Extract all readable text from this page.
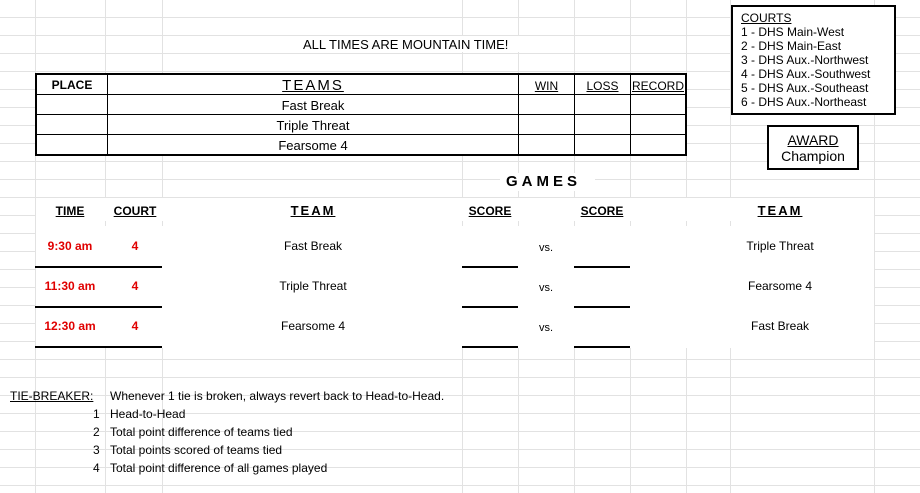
COURTS
1 - DHS Main-West
2 - DHS Main-East
3 - DHS Aux.-Northwest
4 - DHS Aux.-Southwest
5 - DHS Aux.-Southeast
6 - DHS Aux.-Northeast
ALL TIMES ARE MOUNTAIN TIME!
AWARD
Champion
PLACE	TEAMS	WIN	LOSS	RECORD
Fast Break
Triple Threat
Fearsome 4
GAMES
TIME	COURT	TEAM	SCORE	SCORE	TEAM
9:30 am	4	Fast Break	vs.	Triple Threat
11:30 am	4	Triple Threat	vs.	Fearsome 4
12:30 am	4	Fearsome 4	vs.	Fast Break
TIE-BREAKER: Whenever 1 tie is broken, always revert back to Head-to-Head.
1 Head-to-Head
2 Total point difference of teams tied
3 Total points scored of teams tied
4 Total point difference of all games played
